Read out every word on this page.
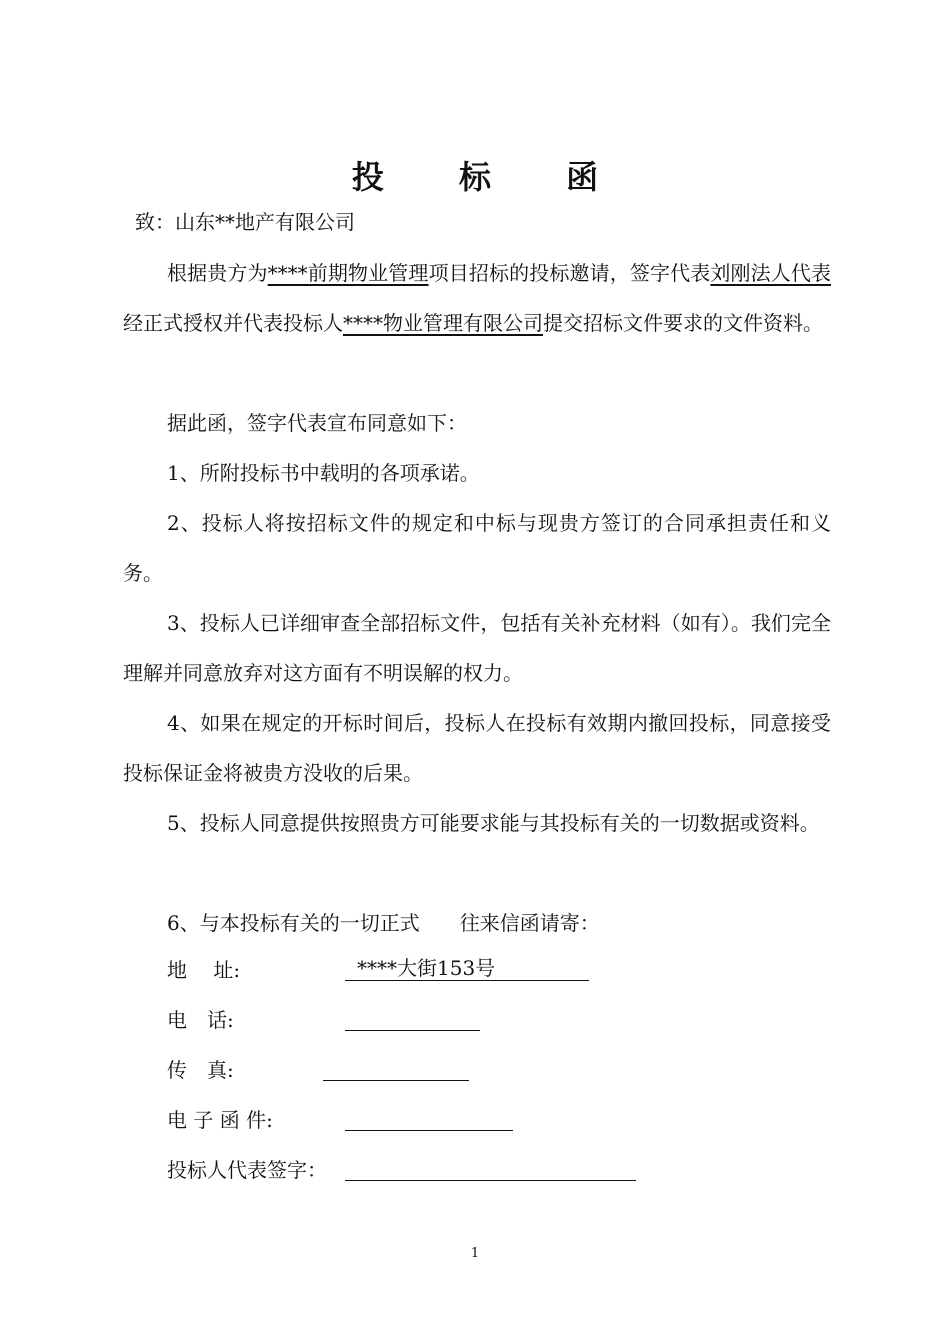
投 标 函

致：山东**地产有限公司

根据贵方为****前期物业管理项目招标的投标邀请，签字代表刘刚法人代表 经正式授权并代表投标人****物业管理有限公司提交招标文件要求的文件资料。

据此函，签字代表宣布同意如下：

1、所附投标书中载明的各项承诺。

2、投标人将按招标文件的规定和中标与现贵方签订的合同承担责任和义务。

3、投标人已详细审查全部招标文件，包括有关补充材料（如有）。我们完全理解并同意放弃对这方面有不明误解的权力。

4、如果在规定的开标时间后，投标人在投标有效期内撤回投标，同意接受投标保证金将被贵方没收的后果。

5、投标人同意提供按照贵方可能要求能与其投标有关的一切数据或资料。

6、与本投标有关的一切正式　　往来信函请寄：

地　 址:	****大街153号
电　话:
传　真:
电 子 函 件:
投标人代表签字：
1
